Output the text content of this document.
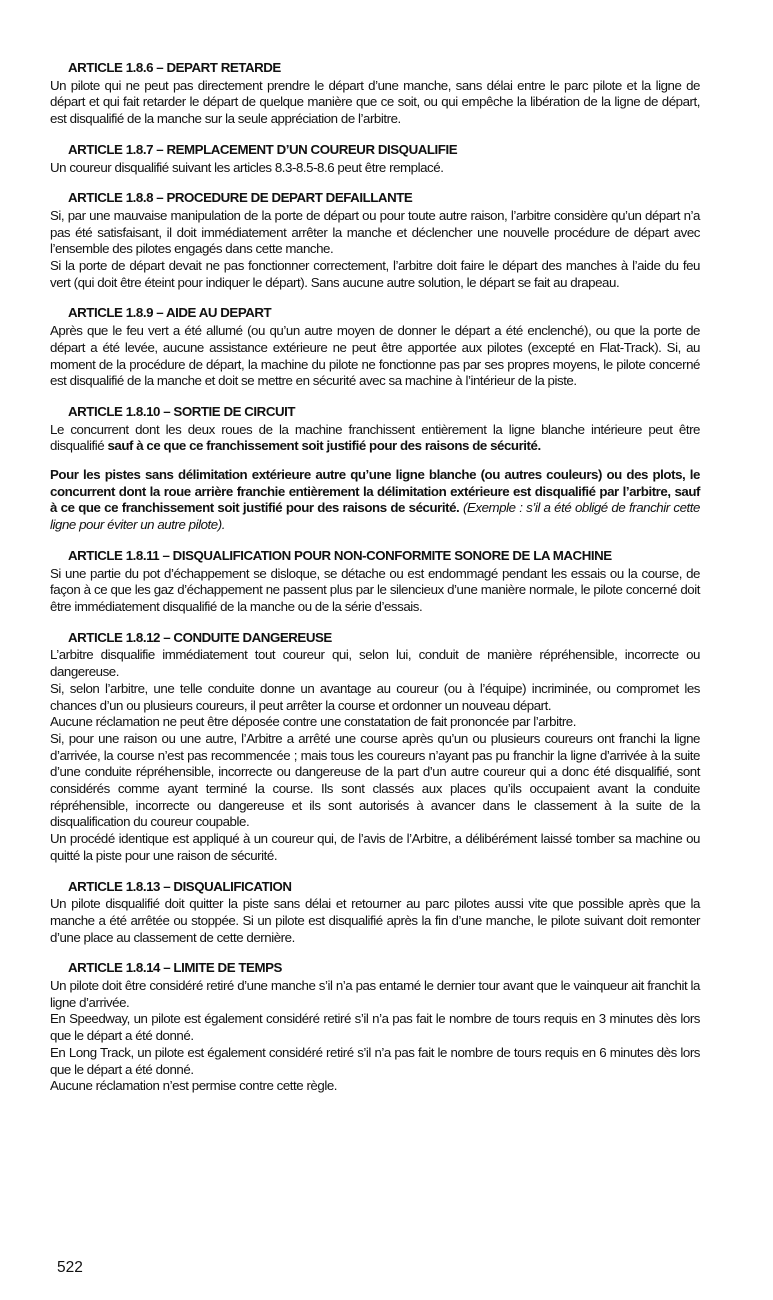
ARTICLE 1.8.6 – DEPART RETARDE

Un pilote qui ne peut pas directement prendre le départ d’une manche, sans délai entre le parc pilote et la ligne de départ et qui fait retarder le départ de quelque manière que ce soit, ou qui empêche la libération de la ligne de départ, est disqualifié de la manche sur la seule appréciation de l’arbitre.

ARTICLE 1.8.7 – REMPLACEMENT D’UN COUREUR DISQUALIFIE

Un coureur disqualifié suivant les articles 8.3-8.5-8.6 peut être remplacé.

ARTICLE 1.8.8 – PROCEDURE DE DEPART DEFAILLANTE

Si, par une mauvaise manipulation de la porte de départ ou pour toute autre raison, l’arbitre considère qu’un départ n’a pas été satisfaisant, il doit immédiatement arrêter la manche et déclencher une nouvelle procédure de départ avec l’ensemble des pilotes engagés dans cette manche.

Si la porte de départ devait ne pas fonctionner correctement, l’arbitre doit faire le départ des manches à l’aide du feu vert (qui doit être éteint pour indiquer le départ). Sans aucune autre solution, le départ se fait au drapeau.

ARTICLE 1.8.9 – AIDE AU DEPART

Après que le feu vert a été allumé (ou qu’un autre moyen de donner le départ a été enclenché), ou que la porte de départ a été levée, aucune assistance extérieure ne peut être apportée aux pilotes (excepté en Flat-Track). Si, au moment de la procédure de départ, la machine du pilote ne fonctionne pas par ses propres moyens, le pilote concerné est disqualifié de la manche et doit se mettre en sécurité avec sa machine à l’intérieur de la piste.

ARTICLE 1.8.10 – SORTIE DE CIRCUIT

Le concurrent dont les deux roues de la machine franchissent entièrement la ligne blanche intérieure peut être disqualifié sauf à ce que ce franchissement soit justifié pour des raisons de sécurité.

Pour les pistes sans délimitation extérieure autre qu’une ligne blanche (ou autres couleurs) ou des plots, le concurrent dont la roue arrière franchie entièrement la délimitation extérieure est disqualifié par l’arbitre, sauf à ce que ce franchissement soit justifié pour des raisons de sécurité. (Exemple : s’il a été obligé de franchir cette ligne pour éviter un autre pilote).

ARTICLE 1.8.11 – DISQUALIFICATION POUR NON-CONFORMITE SONORE DE LA MACHINE

Si une partie du pot d’échappement se disloque, se détache ou est endommagé pendant les essais ou la course, de façon à ce que les gaz d’échappement ne passent plus par le silencieux d’une manière normale, le pilote concerné doit être immédiatement disqualifié de la manche ou de la série d’essais.

ARTICLE 1.8.12 – CONDUITE DANGEREUSE

L’arbitre disqualifie immédiatement tout coureur qui, selon lui, conduit de manière répréhensible, incorrecte ou dangereuse.

Si, selon l’arbitre, une telle conduite donne un avantage au coureur (ou à l’équipe) incriminée, ou compromet les chances d’un ou plusieurs coureurs, il peut arrêter la course et ordonner un nouveau départ.

Aucune réclamation ne peut être déposée contre une constatation de fait prononcée par l’arbitre.

Si, pour une raison ou une autre, l’Arbitre a arrêté une course après qu’un ou plusieurs coureurs ont franchi la ligne d’arrivée, la course n’est pas recommencée ; mais tous les coureurs n’ayant pas pu franchir la ligne d’arrivée à la suite d’une conduite répréhensible, incorrecte ou dangereuse de la part d’un autre coureur qui a donc été disqualifié, sont considérés comme ayant terminé la course. Ils sont classés aux places qu’ils occupaient avant la conduite répréhensible, incorrecte ou dangereuse et ils sont autorisés à avancer dans le classement à la suite de la disqualification du coureur coupable.

Un procédé identique est appliqué à un coureur qui, de l’avis de l’Arbitre, a délibérément laissé tomber sa machine ou quitté la piste pour une raison de sécurité.

ARTICLE 1.8.13 – DISQUALIFICATION

Un pilote disqualifié doit quitter la piste sans délai et retourner au parc pilotes aussi vite que possible après que la manche a été arrêtée ou stoppée. Si un pilote est disqualifié après la fin d’une manche, le pilote suivant doit remonter d’une place au classement de cette dernière.

ARTICLE 1.8.14 – LIMITE DE TEMPS

Un pilote doit être considéré retiré d’une manche s’il n’a pas entamé le dernier tour avant que le vainqueur ait franchit la ligne d’arrivée.

En Speedway, un pilote est également considéré retiré s’il n’a pas fait le nombre de tours requis en 3 minutes dès lors que le départ a été donné.

En Long Track, un pilote est également considéré retiré s’il n’a pas fait le nombre de tours requis en 6 minutes dès lors que le départ a été donné.

Aucune réclamation n’est permise contre cette règle.

522
